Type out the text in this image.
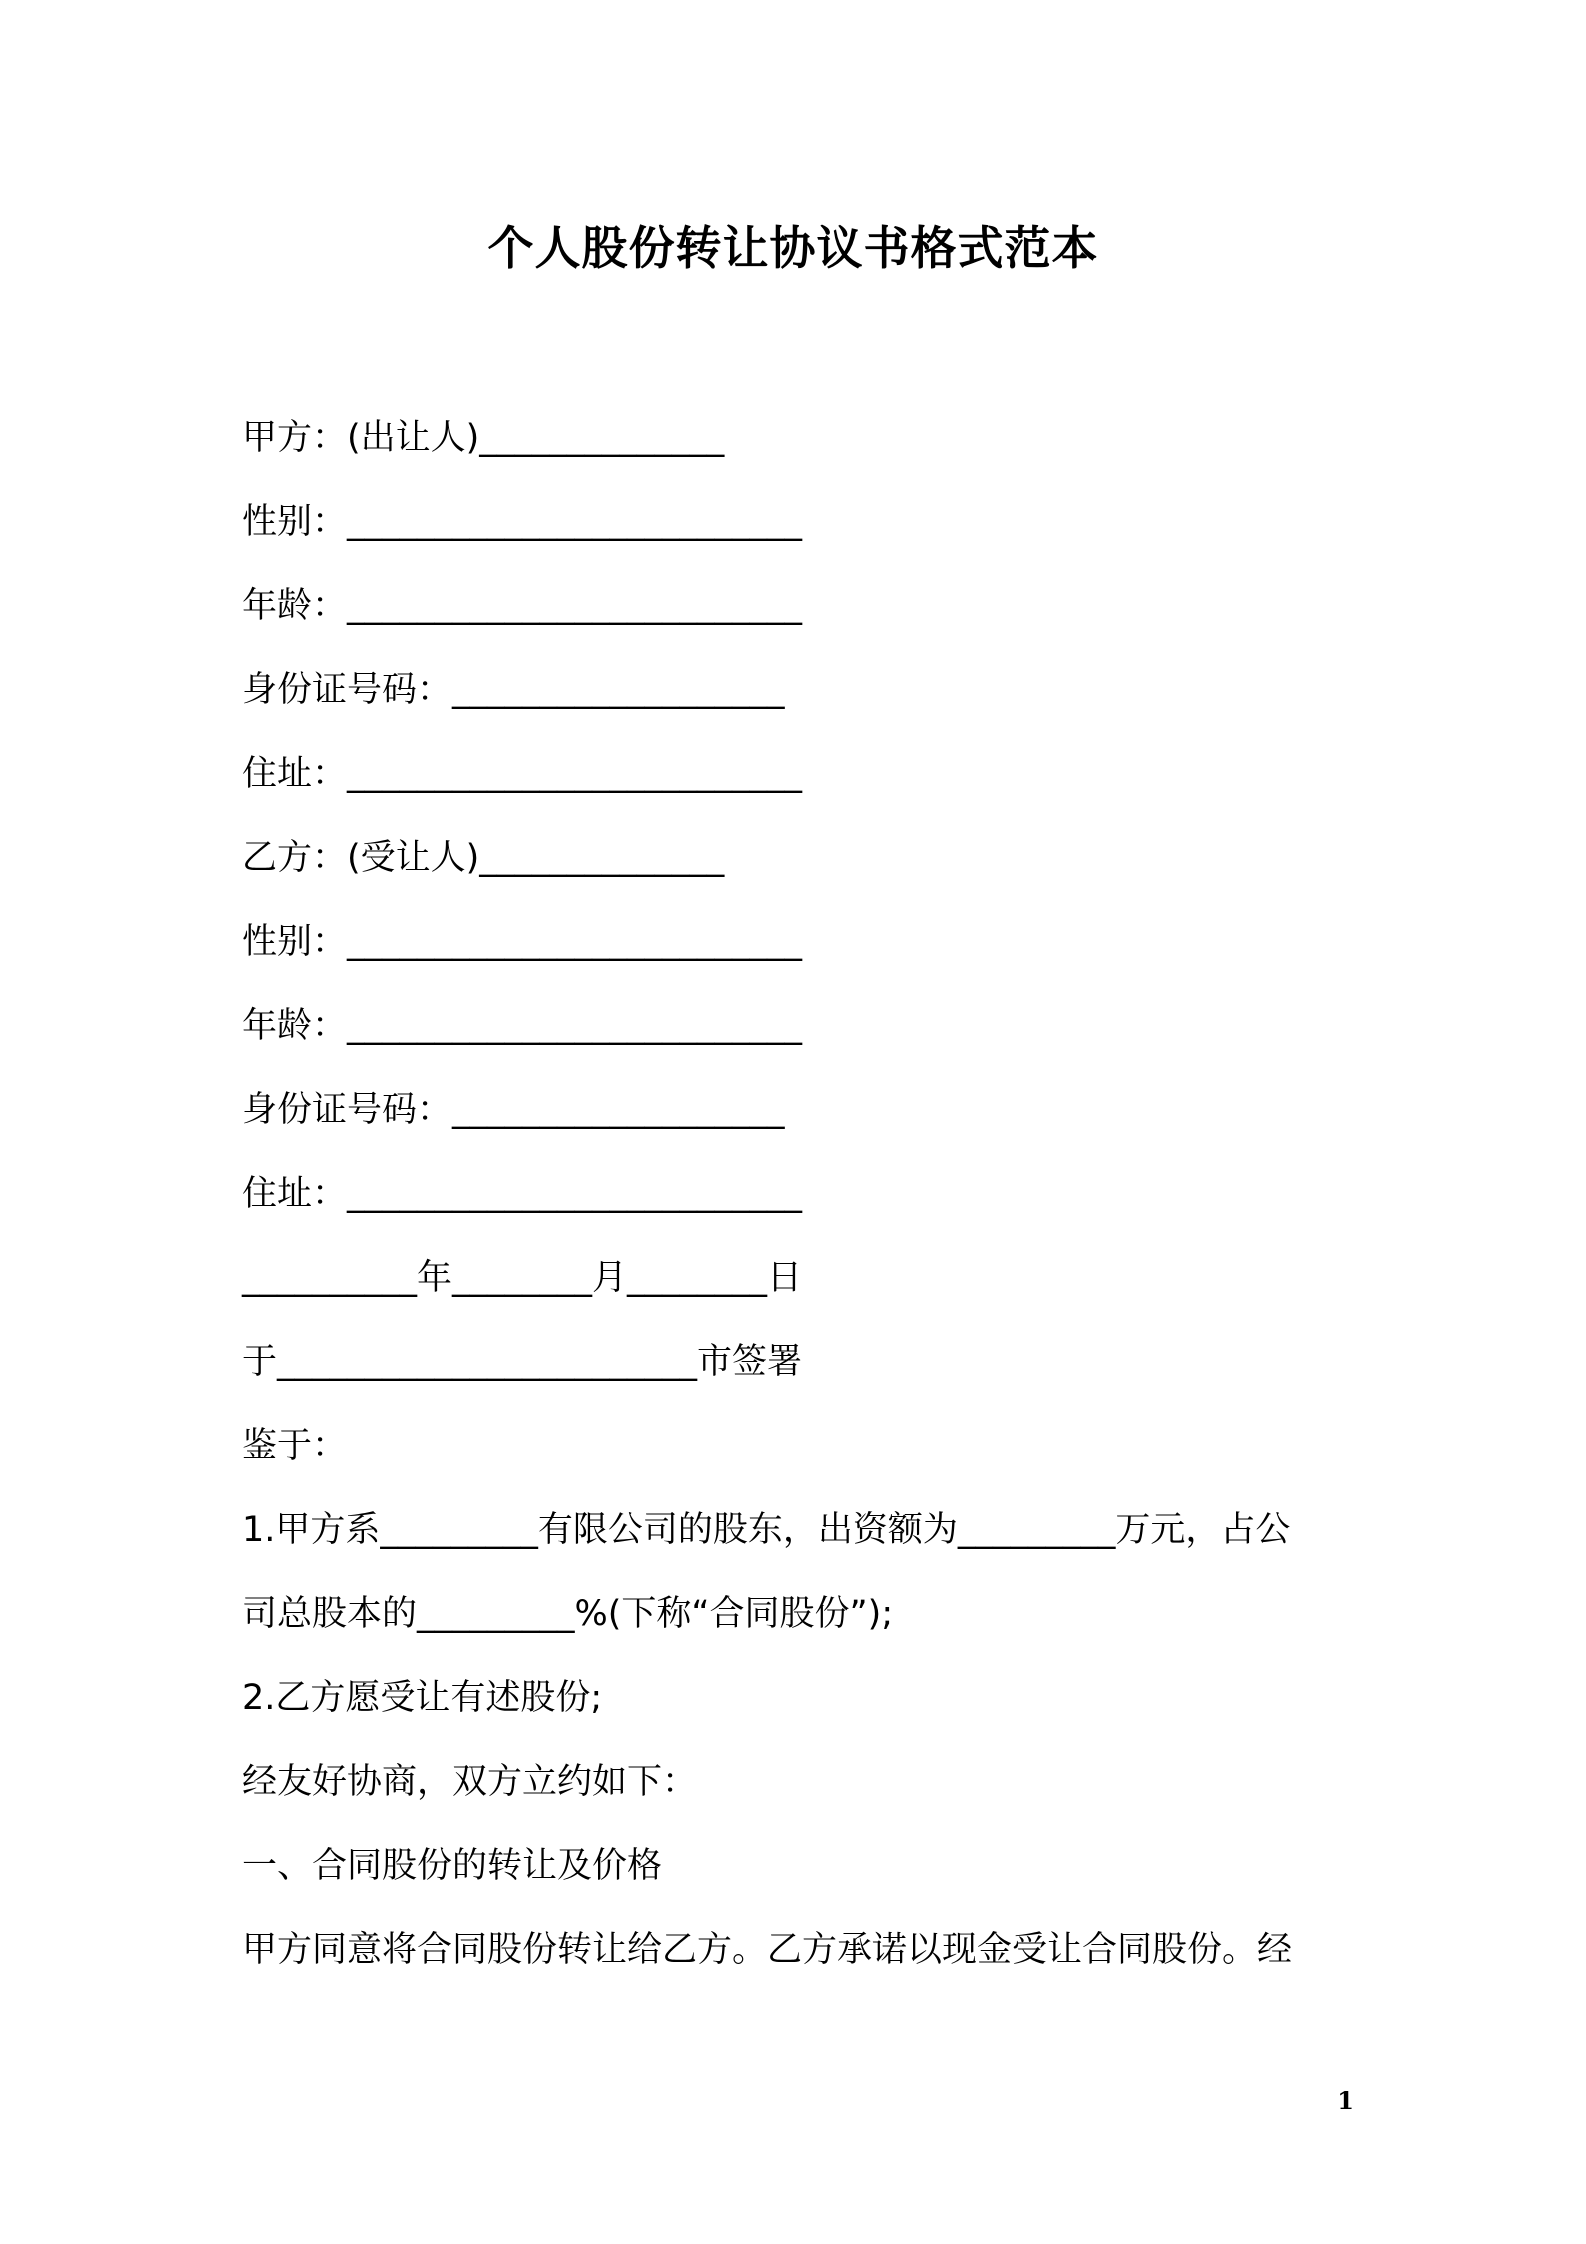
个人股份转让协议书格式范本
甲方：(出让人)______________
性别：__________________________
年龄：__________________________
身份证号码：___________________
住址：__________________________
乙方：(受让人)______________
性别：__________________________
年龄：__________________________
身份证号码：___________________
住址：__________________________
__________年________月________日
于________________________市签署
鉴于：
1.甲方系_________有限公司的股东，出资额为_________万元，占公
司总股本的_________%(下称“合同股份”);
2.乙方愿受让有述股份;
经友好协商，双方立约如下：
一、合同股份的转让及价格
甲方同意将合同股份转让给乙方。乙方承诺以现金受让合同股份。经
1
